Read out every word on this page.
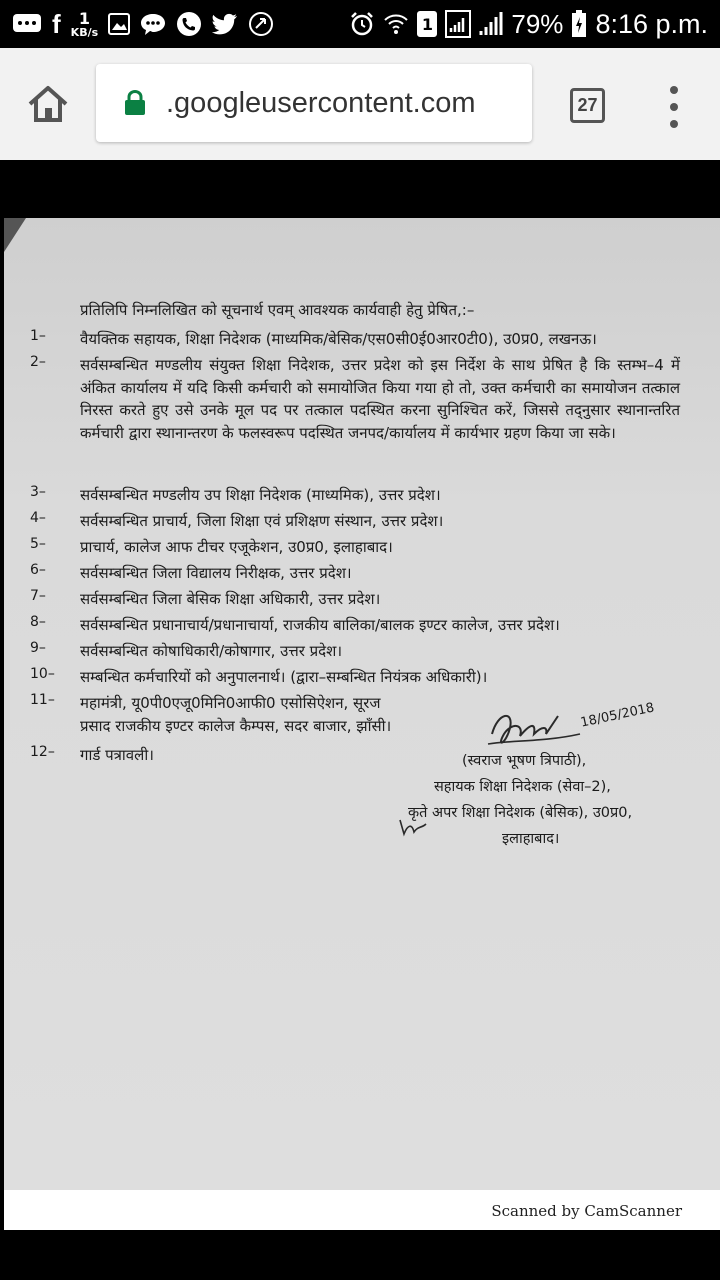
f 1
KB/s	1	79% 8:16 p.m.
.googleusercontent.com	27
प्रतिलिपि निम्नलिखित को सूचनार्थ एवम् आवश्यक कार्यवाही हेतु प्रेषित,:–
1–	वैयक्तिक सहायक, शिक्षा निदेशक (माध्यमिक/बेसिक/एस0सी0ई0आर0टी0), उ0प्र0, लखनऊ।
2–	सर्वसम्बन्धित मण्डलीय संयुक्त शिक्षा निदेशक, उत्तर प्रदेश को इस निर्देश के साथ प्रेषित है कि स्तम्भ–4 में अंकित कार्यालय में यदि किसी कर्मचारी को समायोजित किया गया हो तो, उक्त कर्मचारी का समायोजन तत्काल निरस्त करते हुए उसे उनके मूल पद पर तत्काल पदस्थित करना सुनिश्चित करें, जिससे तद्नुसार स्थानान्तरित कर्मचारी द्वारा स्थानान्तरण के फलस्वरूप पदस्थित जनपद/कार्यालय में कार्यभार ग्रहण किया जा सके।
3–	सर्वसम्बन्धित मण्डलीय उप शिक्षा निदेशक (माध्यमिक), उत्तर प्रदेश।
4–	सर्वसम्बन्धित प्राचार्य, जिला शिक्षा एवं प्रशिक्षण संस्थान, उत्तर प्रदेश।
5–	प्राचार्य, कालेज आफ टीचर एजूकेशन, उ0प्र0, इलाहाबाद।
6–	सर्वसम्बन्धित जिला विद्यालय निरीक्षक, उत्तर प्रदेश।
7–	सर्वसम्बन्धित जिला बेसिक शिक्षा अधिकारी, उत्तर प्रदेश।
8–	सर्वसम्बन्धित प्रधानाचार्य/प्रधानाचार्या, राजकीय बालिका/बालक इण्टर कालेज, उत्तर प्रदेश।
9–	सर्वसम्बन्धित कोषाधिकारी/कोषागार, उत्तर प्रदेश।
10–	सम्बन्धित कर्मचारियों को अनुपालनार्थ। (द्वारा–सम्बन्धित नियंत्रक अधिकारी)।
11–	महामंत्री, यू0पी0एजू0मिनि0आफी0 एसोसिऐशन, सूरज प्रसाद राजकीय इण्टर कालेज कैम्पस, सदर बाजार, झाँसी।
12–	गार्ड पत्रावली।
18/05/2018
(स्वराज भूषण त्रिपाठी),
सहायक शिक्षा निदेशक (सेवा–2),
कृते अपर शिक्षा निदेशक (बेसिक), उ0प्र0,
इलाहाबाद।
Scanned by CamScanner
